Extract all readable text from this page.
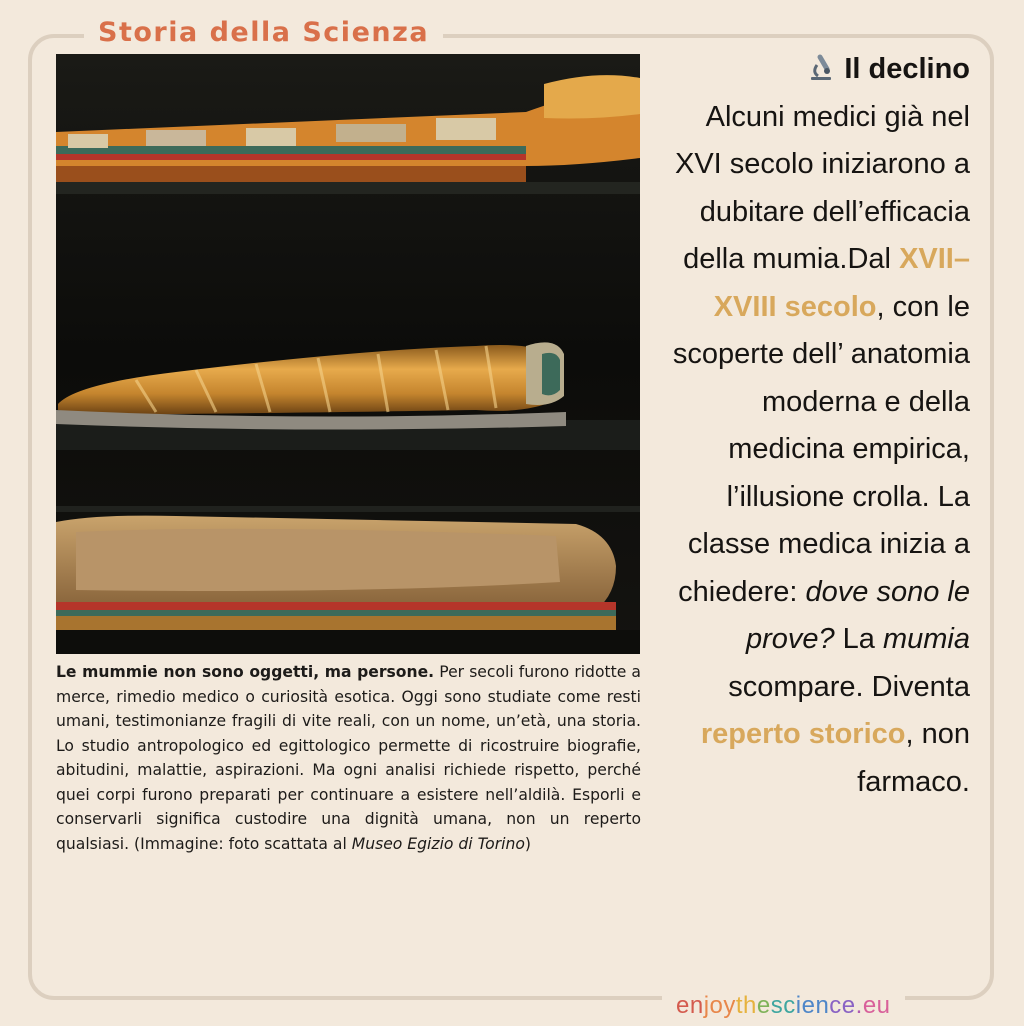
Storia della Scienza
Le mummie non sono oggetti, ma persone. Per secoli furono ridotte a merce, rimedio medico o curiosità esotica. Oggi sono studiate come resti umani, testimonianze fragili di vite reali, con un nome, un’età, una storia. Lo studio antropologico ed egittologico permette di ricostruire biografie, abitudini, malattie, aspirazioni. Ma ogni analisi richiede rispetto, perché quei corpi furono preparati per continuare a esistere nell’aldilà. Esporli e conservarli significa custodire una dignità umana, non un reperto qualsiasi. (Immagine: foto scattata al Museo Egizio di Torino)
Il declino
Alcuni medici già nel XVI secolo iniziarono a dubitare dell’efficacia della mumia.Dal XVII–XVIII secolo, con le scoperte dell’ anatomia moderna e della medicina empirica, l’illusione crolla. La classe medica inizia a chiedere: dove sono le prove? La mumia scompare. Diventa reperto storico, non farmaco.
enjoythescience.eu
